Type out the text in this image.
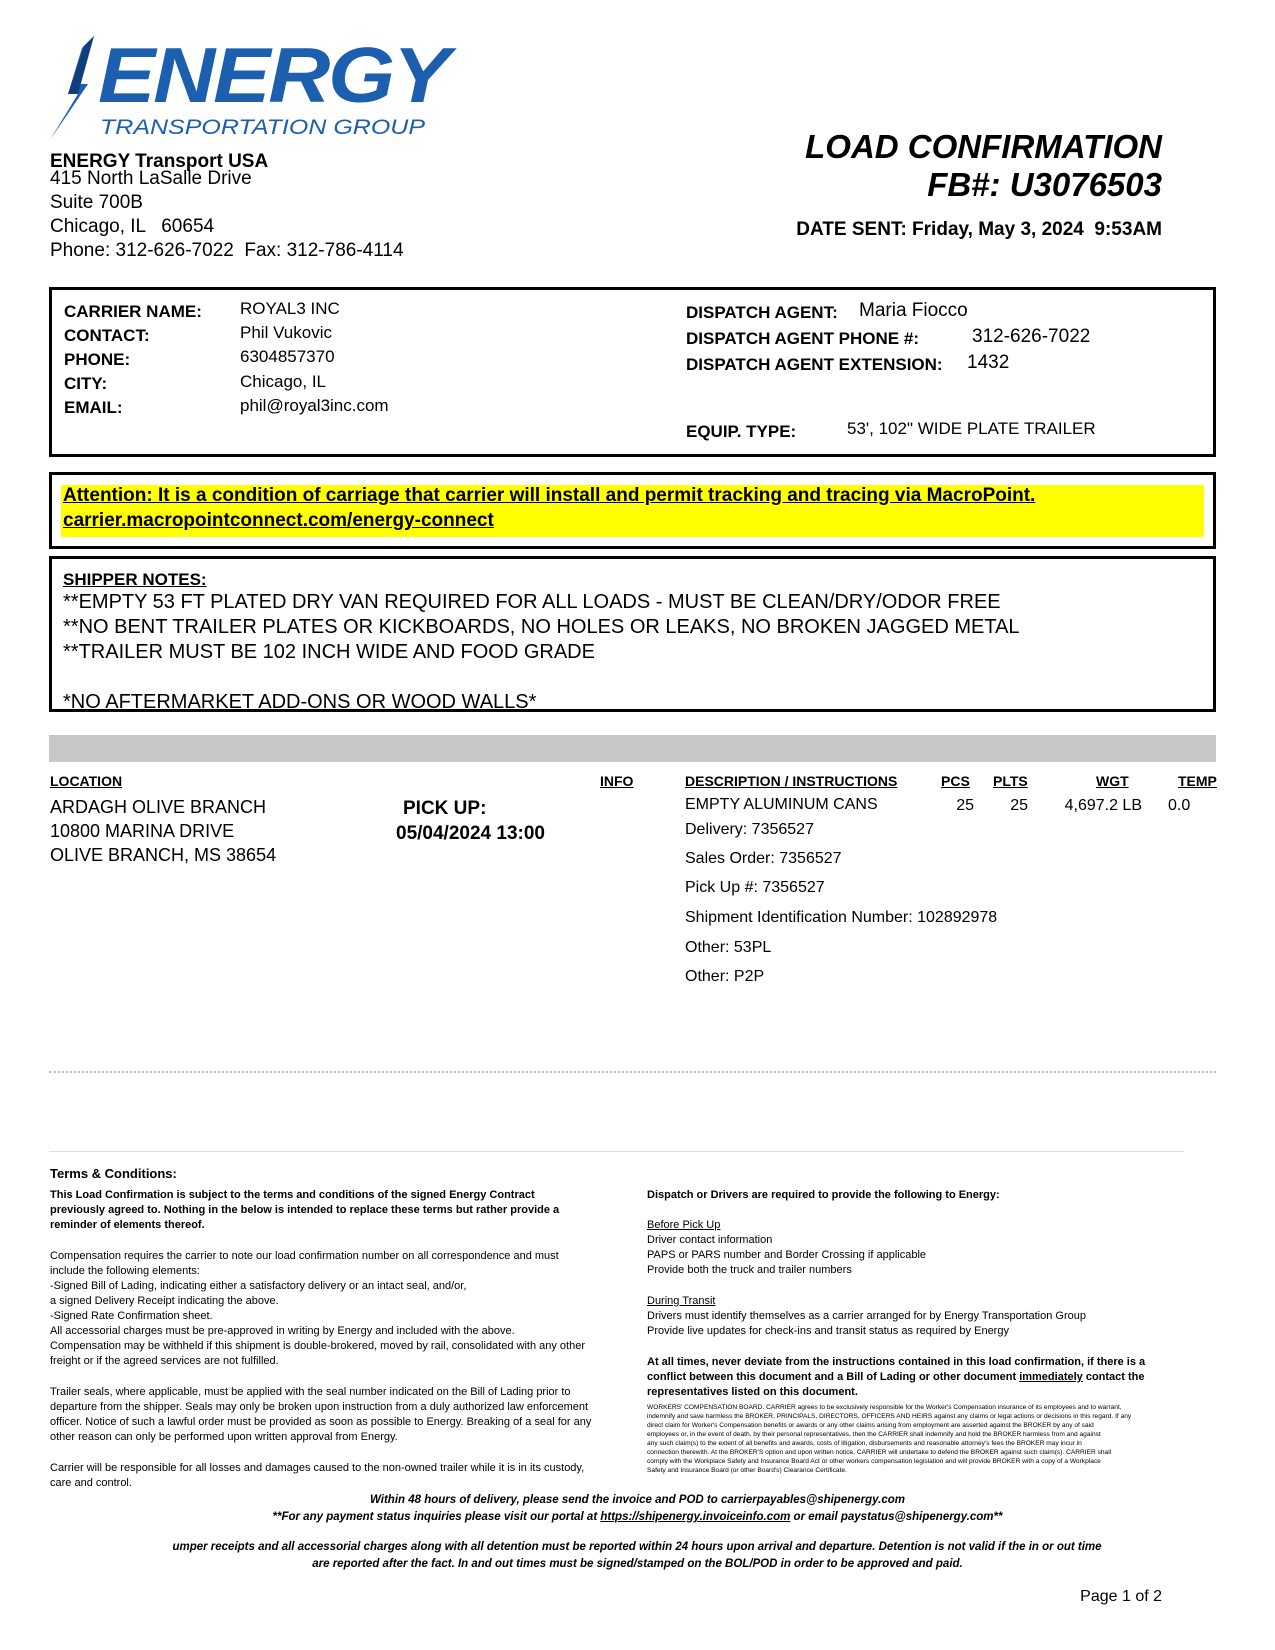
ENERGY
TRANSPORTATION GROUP
ENERGY Transport USA
415 North LaSalle Drive
Suite 700B
Chicago, IL   60654
Phone: 312-626-7022  Fax: 312-786-4114
LOAD CONFIRMATION
FB#: U3076503
DATE SENT: Friday, May 3, 2024  9:53AM
CARRIER NAME: ROYAL3 INC
CONTACT:	Phil Vukovic
PHONE:	6304857370
CITY:	Chicago, IL
EMAIL:	phil@royal3inc.com
DISPATCH AGENT: Maria Fiocco
DISPATCH AGENT PHONE #:	312-626-7022
DISPATCH AGENT EXTENSION: 1432
EQUIP. TYPE:	53', 102" WIDE PLATE TRAILER
Attention: It is a condition of carriage that carrier will install and permit tracking and tracing via MacroPoint.
carrier.macropointconnect.com/energy-connect
SHIPPER NOTES:
**EMPTY 53 FT PLATED DRY VAN REQUIRED FOR ALL LOADS - MUST BE CLEAN/DRY/ODOR FREE
**NO BENT TRAILER PLATES OR KICKBOARDS, NO HOLES OR LEAKS, NO BROKEN JAGGED METAL
**TRAILER MUST BE 102 INCH WIDE AND FOOD GRADE
*NO AFTERMARKET ADD-ONS OR WOOD WALLS*
LOCATION	INFO	DESCRIPTION / INSTRUCTIONS	PCS PLTS	WGT	TEMP
ARDAGH OLIVE BRANCH
10800 MARINA DRIVE
OLIVE BRANCH, MS 38654
PICK UP:
05/04/2024 13:00
EMPTY ALUMINUM CANS	25	25	4,697.2 LB 0.0
Delivery: 7356527
Sales Order: 7356527
Pick Up #: 7356527
Shipment Identification Number: 102892978
Other: 53PL
Other: P2P
Terms & Conditions:
This Load Confirmation is subject to the terms and conditions of the signed Energy Contract
previously agreed to. Nothing in the below is intended to replace these terms but rather provide a
reminder of elements thereof.
Compensation requires the carrier to note our load confirmation number on all correspondence and must
include the following elements:
-Signed Bill of Lading, indicating either a satisfactory delivery or an intact seal, and/or,
a signed Delivery Receipt indicating the above.
-Signed Rate Confirmation sheet.
All accessorial charges must be pre-approved in writing by Energy and included with the above.
Compensation may be withheld if this shipment is double-brokered, moved by rail, consolidated with any other
freight or if the agreed services are not fulfilled.
Trailer seals, where applicable, must be applied with the seal number indicated on the Bill of Lading prior to
departure from the shipper. Seals may only be broken upon instruction from a duly authorized law enforcement
officer. Notice of such a lawful order must be provided as soon as possible to Energy. Breaking of a seal for any
other reason can only be performed upon written approval from Energy.
Carrier will be responsible for all losses and damages caused to the non-owned trailer while it is in its custody,
care and control.
Dispatch or Drivers are required to provide the following to Energy:
Before Pick Up
Driver contact information
PAPS or PARS number and Border Crossing if applicable
Provide both the truck and trailer numbers
During Transit
Drivers must identify themselves as a carrier arranged for by Energy Transportation Group
Provide live updates for check-ins and transit status as required by Energy
At all times, never deviate from the instructions contained in this load confirmation, if there is a
conflict between this document and a Bill of Lading or other document immediately contact the
representatives listed on this document.
WORKERS' COMPENSATION BOARD. CARRIER agrees to be exclusively responsible for the Worker's Compensation insurance of its employees and to warrant,
indemnify and save harmless the BROKER, PRINCIPALS, DIRECTORS, OFFICERS AND HEIRS against any claims or legal actions or decisions in this regard. If any
direct claim for Worker's Compensation benefits or awards or any other claims arising from employment are asserted against the BROKER by any of said
employees or, in the event of death, by their personal representatives, then the CARRIER shall indemnify and hold the BROKER harmless from and against
any such claim(s) to the extent of all benefits and awards, costs of litigation, disbursements and reasonable attorney's fees the BROKER may incur in
connection therewith. At the BROKER'S option and upon written notice, CARRIER will undertake to defend the BROKER against such claim(s). CARRIER shall
comply with the Workplace Safety and Insurance Board Act or other workers compensation legislation and will provide BROKER with a copy of a Workplace
Safety and Insurance Board (or other Board's) Clearance Certificate.
Within 48 hours of delivery, please send the invoice and POD to carrierpayables@shipenergy.com
**For any payment status inquiries please visit our portal at https://shipenergy.invoiceinfo.com or email paystatus@shipenergy.com**
umper receipts and all accessorial charges along with all detention must be reported within 24 hours upon arrival and departure. Detention is not valid if the in or out time
are reported after the fact. In and out times must be signed/stamped on the BOL/POD in order to be approved and paid.
Page 1 of 2
